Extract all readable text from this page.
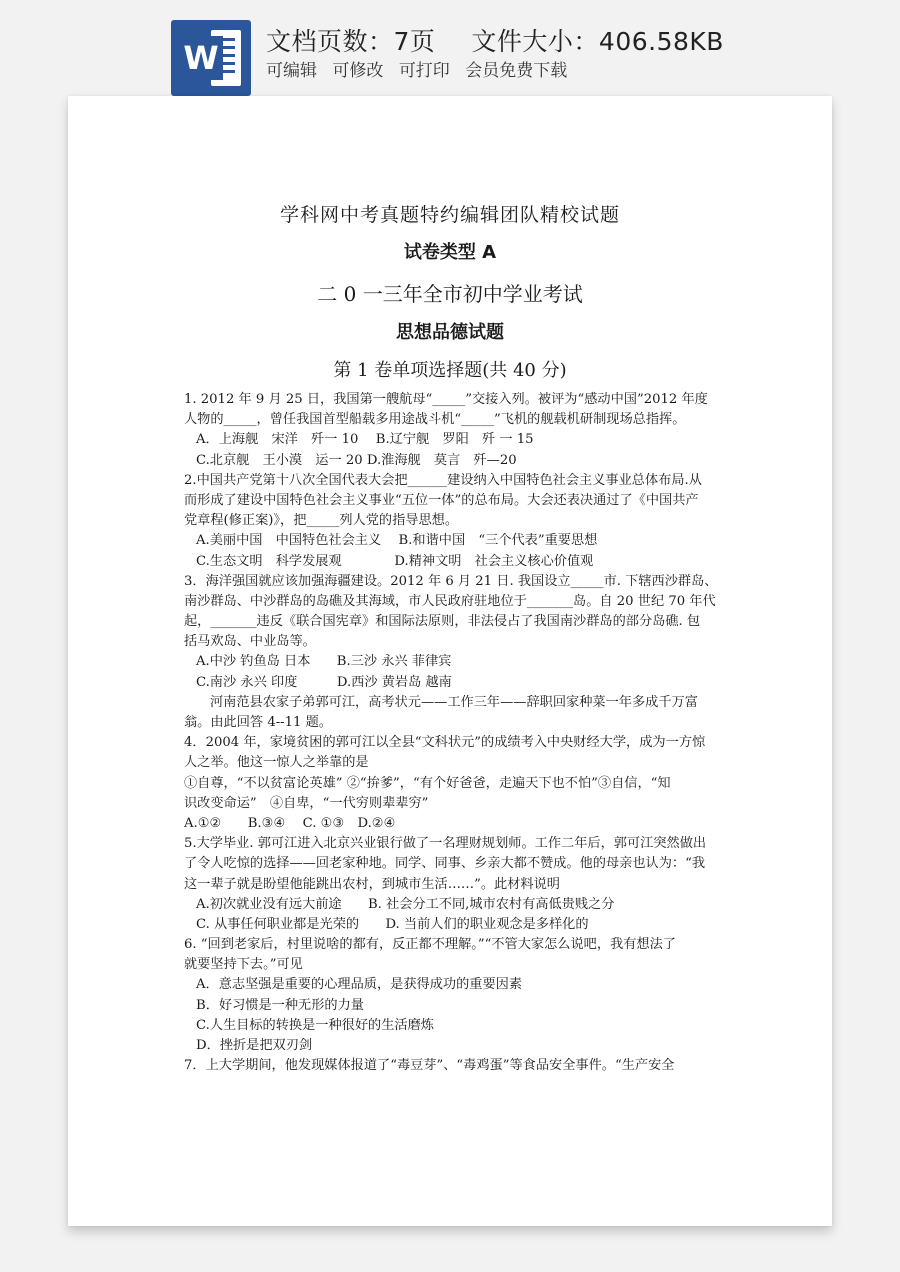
W 文档页数：7页 文件大小：406.58KB
可编辑 可修改 可打印 会员免费下载
学科网中考真题特约编辑团队精校试题
试卷类型 A
二 0 一三年全市初中学业考试
思想品德试题
第 1 卷单项选择题(共 40 分)
1. 2012 年 9 月 25 日，我国第一艘航母“_____”交接入列。被评为“感动中国”2012 年度
人物的_____，曾任我国首型船载多用途战斗机“_____”飞机的舰载机研制现场总指挥。
A．上海舰　宋洋　歼一 10　 B.辽宁舰　罗阳　歼 一 15
C.北京舰　王小漠　运一 20 D.淮海舰　莫言　歼—20
2.中国共产党第十八次全国代表大会把______建设纳入中国特色社会主义事业总体布局.从
而形成了建设中国特色社会主义事业“五位一体”的总布局。大会还表决通过了《中国共产
党章程(修正案)》，把_____列人党的指导思想。
A.美丽中国　中国特色社会主义　 B.和谐中国　“三个代表”重要思想
C.生态文明　科学发展观　　　　D.精神文明　社会主义核心价值观
3．海洋强国就应该加强海疆建设。2012 年 6 月 21 日. 我国设立_____市. 下辖西沙群岛、
南沙群岛、中沙群岛的岛礁及其海域，市人民政府驻地位于_______岛。自 20 世纪 70 年代
起，_______违反《联合国宪章》和国际法原则，非法侵占了我国南沙群岛的部分岛礁. 包
括马欢岛、中业岛等。
A.中沙 钓鱼岛 日本　　B.三沙 永兴 菲律宾
C.南沙 永兴 印度　　　D.西沙 黄岩岛 越南
河南范县农家子弟郭可江，高考状元——工作三年——辞职回家种菜一年多成千万富
翁。由此回答 4--11 题。
4．2004 年，家境贫困的郭可江以全县“文科状元”的成绩考入中央财经大学，成为一方惊
人之举。他这一惊人之举靠的是
①自尊，“不以贫富论英雄” ②“拚爹”，“有个好爸爸，走遍天下也不怕”③自信，“知
识改变命运”　④自卑，“一代穷则辈辈穷”
A.①②　　B.③④　 C. ①③　D.②④
5.大学毕业. 郭可江进入北京兴业银行做了一名理财规划师。工作二年后，郭可江突然做出
了令人吃惊的选择——回老家种地。同学、同事、乡亲大都不赞成。他的母亲也认为：“我
这一辈子就是盼望他能跳出农村，到城市生活……”。此材料说明
A.初次就业没有远大前途　　B. 社会分工不同,城市农村有高低贵贱之分
C. 从事任何职业都是光荣的　　D. 当前人们的职业观念是多样化的
6. “回到老家后，村里说啥的都有，反正都不理解。”“不管大家怎么说吧，我有想法了
就要坚持下去。”可见
A．意志坚强是重要的心理品质，是获得成功的重要因素
B．好习惯是一种无形的力量
C.人生目标的转换是一种很好的生活磨炼
D．挫折是把双刃剑
7．上大学期间，他发现媒体报道了“毒豆芽”、“毒鸡蛋”等食品安全事件。“生产安全
